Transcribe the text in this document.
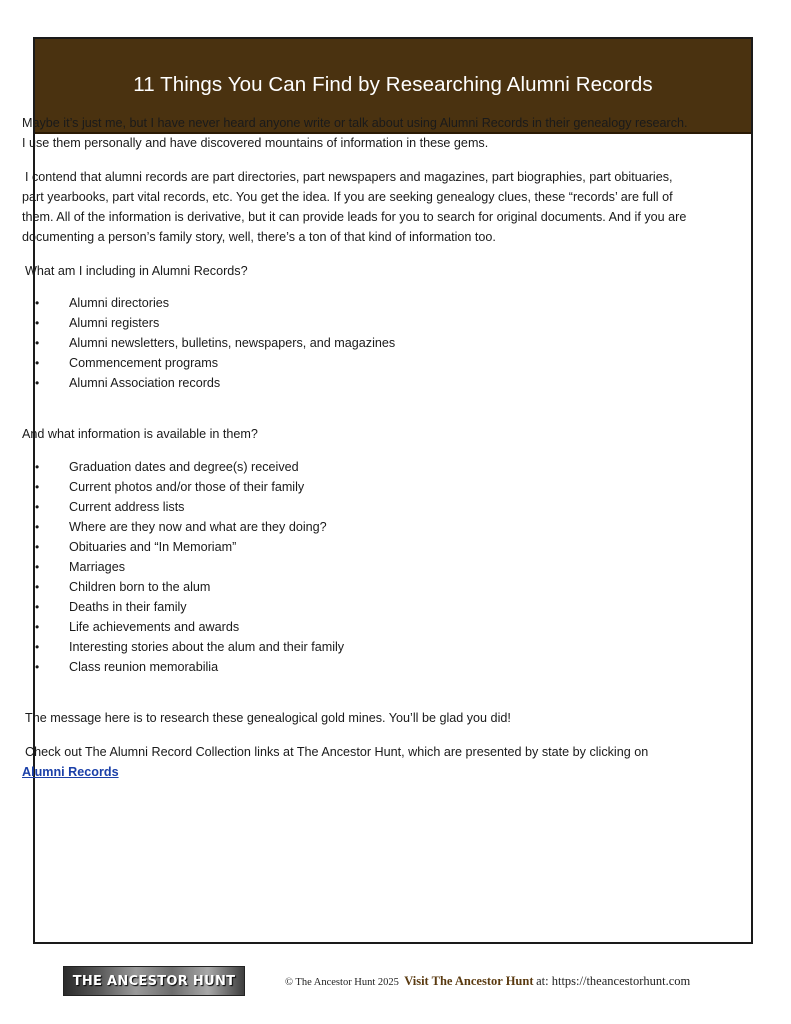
11 Things You Can Find by Researching Alumni Records

Maybe it’s just me, but I have never heard anyone write or talk about using Alumni Records in their genealogy research. I use them personally and have discovered mountains of information in these gems.

I contend that alumni records are part directories, part newspapers and magazines, part biographies, part obituaries, part yearbooks, part vital records, etc. You get the idea. If you are seeking genealogy clues, these “records’ are full of them. All of the information is derivative, but it can provide leads for you to search for original documents. And if you are documenting a person’s family story, well, there’s a ton of that kind of information too.

What am I including in Alumni Records?

• Alumni directories
• Alumni registers
• Alumni newsletters, bulletins, newspapers, and magazines
• Commencement programs
• Alumni Association records

And what information is available in them?

• Graduation dates and degree(s) received
• Current photos and/or those of their family
• Current address lists
• Where are they now and what are they doing?
• Obituaries and “In Memoriam”
• Marriages
• Children born to the alum
• Deaths in their family
• Life achievements and awards
• Interesting stories about the alum and their family
• Class reunion memorabilia

The message here is to research these genealogical gold mines. You’ll be glad you did!

Check out The Alumni Record Collection links at The Ancestor Hunt, which are presented by state by clicking on
Alumni Records

THE ANCESTOR HUNT	© The Ancestor Hunt 2025 Visit The Ancestor Hunt at: https://theancestorhunt.com
